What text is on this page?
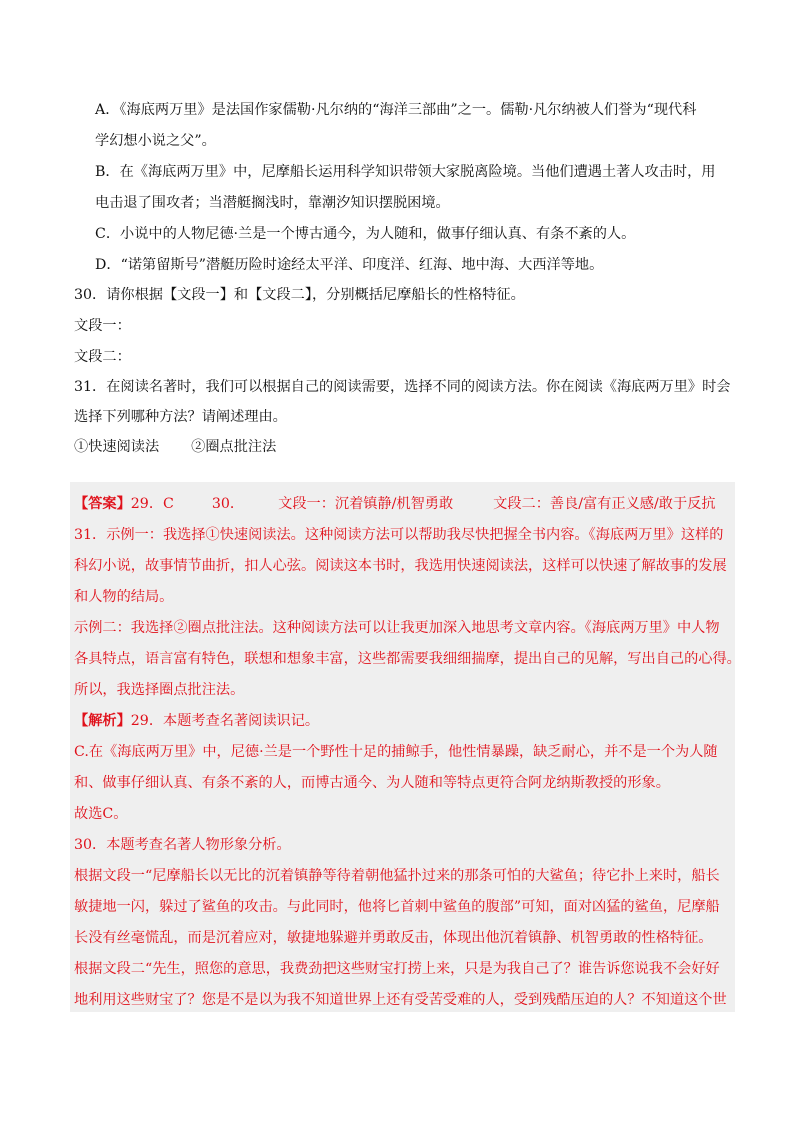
A．《海底两万里》是法国作家儒勒·凡尔纳的“海洋三部曲”之一。儒勒·凡尔纳被人们誉为“现代科
学幻想小说之父”。
B．在《海底两万里》中，尼摩船长运用科学知识带领大家脱离险境。当他们遭遇土著人攻击时，用
电击退了围攻者；当潜艇搁浅时，靠潮汐知识摆脱困境。
C．小说中的人物尼德·兰是一个博古通今，为人随和，做事仔细认真、有条不紊的人。
D．“诺第留斯号”潜艇历险时途经太平洋、印度洋、红海、地中海、大西洋等地。
30．请你根据【文段一】和【文段二】，分别概括尼摩船长的性格特征。
文段一：
文段二：
31．在阅读名著时，我们可以根据自己的阅读需要，选择不同的阅读方法。你在阅读《海底两万里》时会
选择下列哪种方法？请阐述理由。
①快速阅读法 ②圈点批注法
【答案】29．C	30． 文段一：沉着镇静/机智勇敢	文段二：善良/富有正义感/敢于反抗
31．示例一：我选择①快速阅读法。这种阅读方法可以帮助我尽快把握全书内容。《海底两万里》这样的
科幻小说，故事情节曲折，扣人心弦。阅读这本书时，我选用快速阅读法，这样可以快速了解故事的发展
和人物的结局。
示例二：我选择②圈点批注法。这种阅读方法可以让我更加深入地思考文章内容。《海底两万里》中人物
各具特点，语言富有特色，联想和想象丰富，这些都需要我细细揣摩，提出自己的见解，写出自己的心得。
所以，我选择圈点批注法。
【解析】29．本题考查名著阅读识记。
C.在《海底两万里》中，尼德·兰是一个野性十足的捕鲸手，他性情暴躁，缺乏耐心，并不是一个为人随
和、做事仔细认真、有条不紊的人，而博古通今、为人随和等特点更符合阿龙纳斯教授的形象。
故选C。
30．本题考查名著人物形象分析。
根据文段一“尼摩船长以无比的沉着镇静等待着朝他猛扑过来的那条可怕的大鲨鱼；待它扑上来时，船长
敏捷地一闪，躲过了鲨鱼的攻击。与此同时，他将匕首刺中鲨鱼的腹部”可知，面对凶猛的鲨鱼，尼摩船
长没有丝毫慌乱，而是沉着应对，敏捷地躲避并勇敢反击，体现出他沉着镇静、机智勇敢的性格特征。
根据文段二“先生，照您的意思，我费劲把这些财宝打捞上来，只是为我自己了？谁告诉您说我不会好好
地利用这些财宝了？您是不是以为我不知道世界上还有受苦受难的人，受到残酷压迫的人？不知道这个世
